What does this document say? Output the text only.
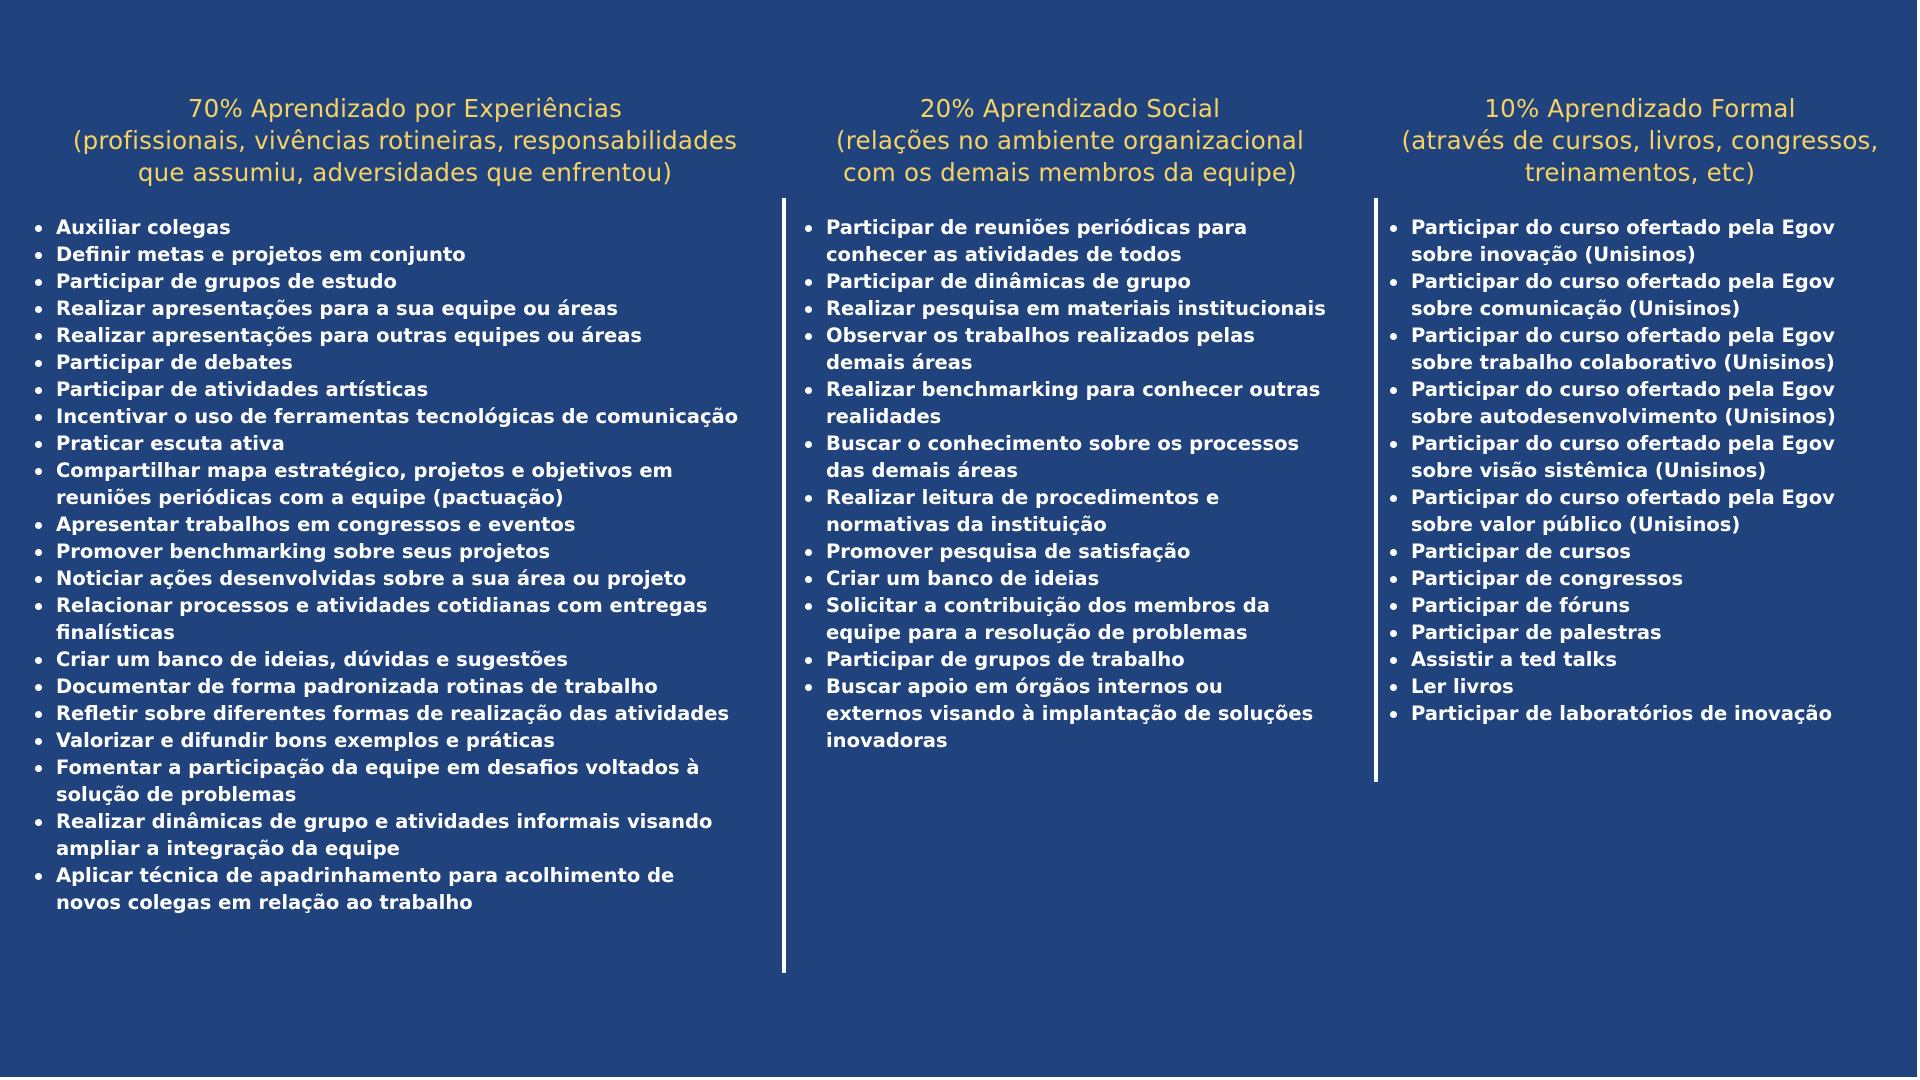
70% Aprendizado por Experiências
(profissionais, vivências rotineiras, responsabilidades
que assumiu, adversidades que enfrentou)
Auxiliar colegas
Definir metas e projetos em conjunto
Participar de grupos de estudo
Realizar apresentações para a sua equipe ou áreas
Realizar apresentações para outras equipes ou áreas
Participar de debates
Participar de atividades artísticas
Incentivar o uso de ferramentas tecnológicas de comunicação
Praticar escuta ativa
Compartilhar mapa estratégico, projetos e objetivos em
reuniões periódicas com a equipe (pactuação)
Apresentar trabalhos em congressos e eventos
Promover benchmarking sobre seus projetos
Noticiar ações desenvolvidas sobre a sua área ou projeto
Relacionar processos e atividades cotidianas com entregas
finalísticas
Criar um banco de ideias, dúvidas e sugestões
Documentar de forma padronizada rotinas de trabalho
Refletir sobre diferentes formas de realização das atividades
Valorizar e difundir bons exemplos e práticas
Fomentar a participação da equipe em desafios voltados à
solução de problemas
Realizar dinâmicas de grupo e atividades informais visando
ampliar a integração da equipe
Aplicar técnica de apadrinhamento para acolhimento de
novos colegas em relação ao trabalho
20% Aprendizado Social
(relações no ambiente organizacional
com os demais membros da equipe)
Participar de reuniões periódicas para
conhecer as atividades de todos
Participar de dinâmicas de grupo
Realizar pesquisa em materiais institucionais
Observar os trabalhos realizados pelas
demais áreas
Realizar benchmarking para conhecer outras
realidades
Buscar o conhecimento sobre os processos
das demais áreas
Realizar leitura de procedimentos e
normativas da instituição
Promover pesquisa de satisfação
Criar um banco de ideias
Solicitar a contribuição dos membros da
equipe para a resolução de problemas
Participar de grupos de trabalho
Buscar apoio em órgãos internos ou
externos visando à implantação de soluções
inovadoras
10% Aprendizado Formal
(através de cursos, livros, congressos,
treinamentos, etc)
Participar do curso ofertado pela Egov
sobre inovação (Unisinos)
Participar do curso ofertado pela Egov
sobre comunicação (Unisinos)
Participar do curso ofertado pela Egov
sobre trabalho colaborativo (Unisinos)
Participar do curso ofertado pela Egov
sobre autodesenvolvimento (Unisinos)
Participar do curso ofertado pela Egov
sobre visão sistêmica (Unisinos)
Participar do curso ofertado pela Egov
sobre valor público (Unisinos)
Participar de cursos
Participar de congressos
Participar de fóruns
Participar de palestras
Assistir a ted talks
Ler livros
Participar de laboratórios de inovação
